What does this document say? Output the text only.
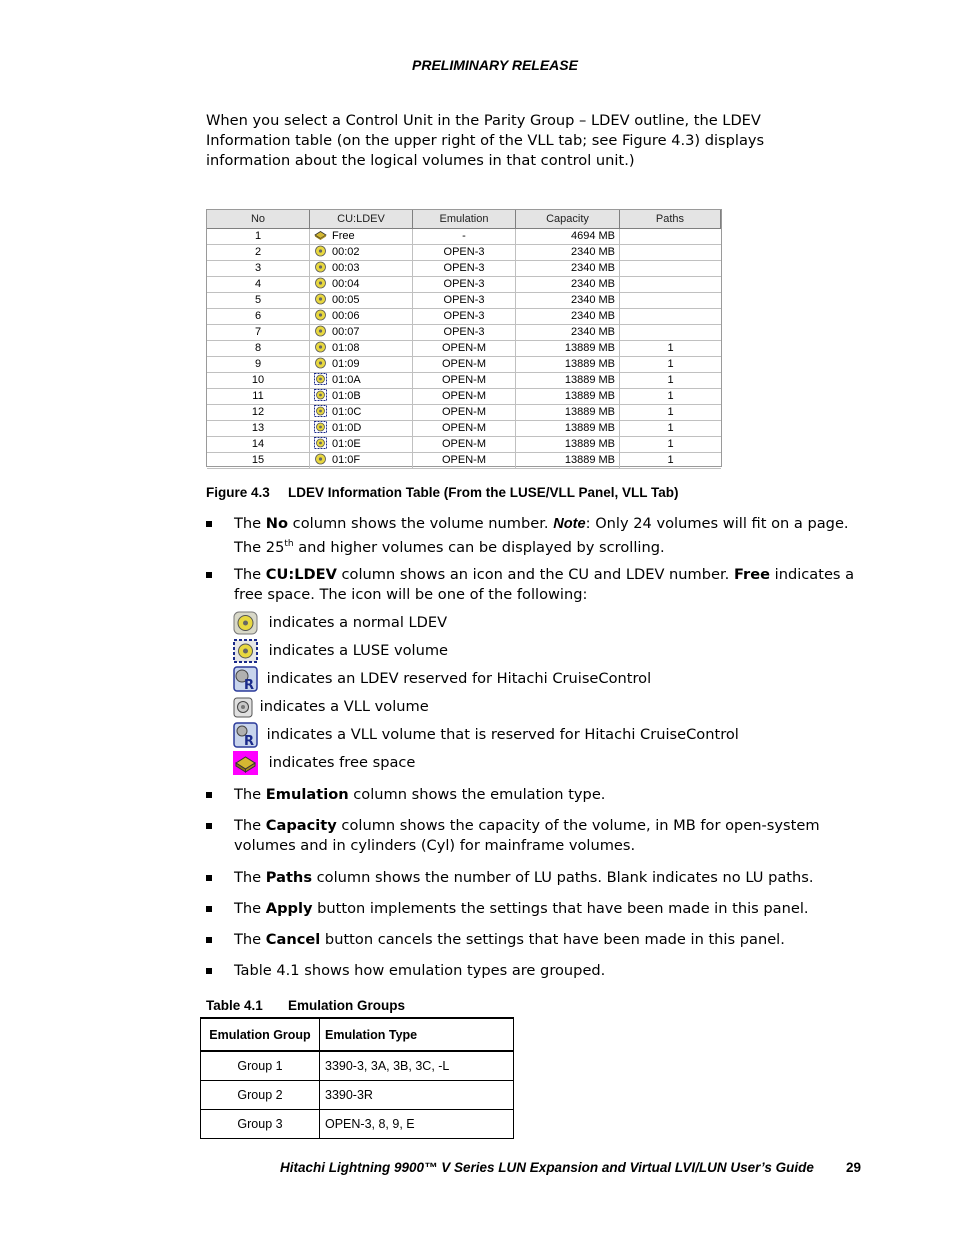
PRELIMINARY RELEASE
When you select a Control Unit in the Parity Group – LDEV outline, the LDEV Information table (on the upper right of the VLL tab; see Figure 4.3) displays information about the logical volumes in that control unit.)
No	CU:LDEV	Emulation	Capacity	Paths
1	Free	-	4694 MB
2	00:02	OPEN-3	2340 MB
3	00:03	OPEN-3	2340 MB
4	00:04	OPEN-3	2340 MB
5	00:05	OPEN-3	2340 MB
6	00:06	OPEN-3	2340 MB
7	00:07	OPEN-3	2340 MB
8	01:08	OPEN-M	13889 MB	1
9	01:09	OPEN-M	13889 MB	1
10	01:0A	OPEN-M	13889 MB	1
11	01:0B	OPEN-M	13889 MB	1
12	01:0C	OPEN-M	13889 MB	1
13	01:0D	OPEN-M	13889 MB	1
14	01:0E	OPEN-M	13889 MB	1
15	01:0F	OPEN-M	13889 MB	1
Figure 4.3 LDEV Information Table (From the LUSE/VLL Panel, VLL Tab)
The No column shows the volume number. Note: Only 24 volumes will fit on a page. The 25th and higher volumes can be displayed by scrolling.
The CU:LDEV column shows an icon and the CU and LDEV number. Free indicates a free space. The icon will be one of the following:
indicates a normal LDEV
indicates a LUSE volume
R indicates an LDEV reserved for Hitachi CruiseControl
indicates a VLL volume
R indicates a VLL volume that is reserved for Hitachi CruiseControl
indicates free space
The Emulation column shows the emulation type.
The Capacity column shows the capacity of the volume, in MB for open-system volumes and in cylinders (Cyl) for mainframe volumes.
The Paths column shows the number of LU paths. Blank indicates no LU paths.
The Apply button implements the settings that have been made in this panel.
The Cancel button cancels the settings that have been made in this panel.
Table 4.1 shows how emulation types are grouped.
Table 4.1 Emulation Groups
Emulation Group	Emulation Type
Group 1	3390-3, 3A, 3B, 3C, -L
Group 2	3390-3R
Group 3	OPEN-3, 8, 9, E
Hitachi Lightning 9900™ V Series LUN Expansion and Virtual LVI/LUN User’s Guide 29
